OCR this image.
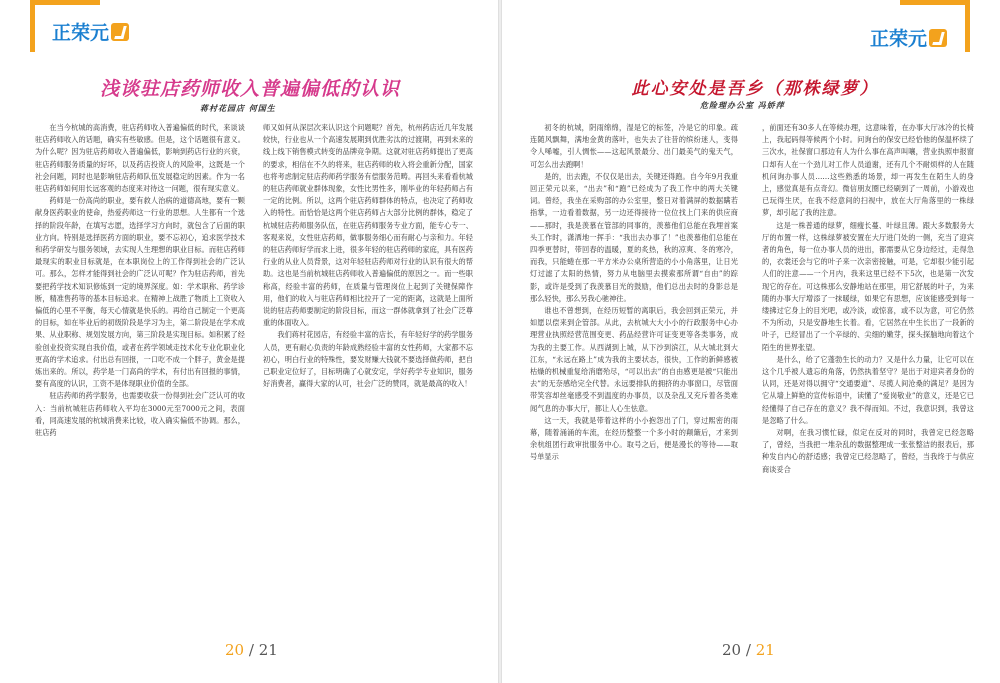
正荣元
浅谈驻店药师收入普遍偏低的认识
蒋村花园店 何国生

在当今杭城的高消费，驻店药师收入普遍偏低的时代，来谈谈驻店药师收入的话题，确实有些敏感。但是，这个话题很有意义。为什么呢？因为驻店药师收入普遍偏低，影响到药店行业的兴衰，驻店药师服务质量的好坏，以及药店投资人的风险率，这既是一个社会问题，同时也是影响驻店药师队伍发展稳定的因素。作为一名驻店药师如何用长远客观的态度来对待这一问题，很有现实意义。

药师是一份高尚的职业，要有救人治病的道德高地，要有一颗献身医药职业的使命，热爱药师这一行业的思想。人生都有一个选择的阶段年龄，在填写志愿，选择学习方向时，就包含了后面的职业方向。特别是选择医药方面的职业，要不忘初心，追求医学技术和药学研发与服务领域，去实现人生理想的职业目标。而驻店药师最现实的职业目标就是，在本职岗位上的工作得到社会的广泛认可。那么，怎样才能得到社会的广泛认可呢？作为驻店药师，首先要把药学技术知识修炼到一定的境界深度。如：学术职称、药学诊断，精准售药等的基本目标追求。在精神上战胜了物质上工资收入偏低的心里不平衡，每天心情就是快乐的。再给自己制定一个更高的目标，如在毕业后的初级阶段是学习为主，第二阶段是在学术成果、从业职称、规划发展方向，第三阶段是实现目标。如积累了经验创业投资实现自我价值，或者在药学领域走技术化专业化职业化更高的学术追求。付出总有回报，一口吃不成一个胖子，黄金是提炼出来的。所以，药学是一门高尚的学术，有付出有回报的事情，要有高度的认识，工资不是体现职业价值的全部。

驻店药师的药学服务，也需要收获一份得到社会广泛认可的收入：当前杭城驻店药师收入平均在3000元至7000元之间，表面看，同高速发展的杭城消费来比较，收入确实偏低不协调。那么，驻店药

师又如何从深层次来认识这个问题呢？首先，杭州药店近几年发展较快，行业也从一个高速发展期到优胜劣汰的过渡期，再到未来的线上线下销售模式转变的品牌竞争期。这就对驻店药师提出了更高的要求，相信在不久的将来，驻店药师的收入将会重新分配，国家也将考虑制定驻店药师药学服务有偿服务范畴。再回头来看看杭城的驻店药师就业群体现象，女性比男性多，刚毕业的年轻药师占有一定的比例。所以，这两个驻店药师群体的特点，也决定了药师收入的特性。而恰恰是这两个驻店药师占大部分比例的群体，稳定了杭城驻店药师服务队伍，在驻店药师服务专业方面，能专心专一、客观来说，女性驻店药师，做事服务细心而有耐心与亲和力。年轻的驻店药师好学而求上进，很多年轻的驻店药师的家庭，具有医药行业的从业人员背景，这对年轻驻店药师对行业的认识有很大的帮助。这也是当前杭城驻店药师收入普遍偏低的原因之一。而一些职称高，经验丰富的药师，在质量与管理岗位上起到了关键保障作用，他们的收入与驻店药师相比拉开了一定的距离，这就是上面所说的驻店药师要制定的阶段目标，而这一群体就拿到了社会广泛尊重的体面收入。

我们蒋村花园店，有经验丰富的店长，有年轻好学的药学服务人员，更有耐心负责的年龄成熟经验丰富的女性药师，大家都不忘初心，明白行业的特殊性，要发财赚大钱就不要选择做药师，把自己职业定位好了，目标明确了心就安定，学好药学专业知识，服务好消费者，赢得大家的认可，社会广泛的赞同，就是最高的收入！

20 / 21
正荣元
此心安处是吾乡（那株绿萝）
危险理办公室 冯娇萍

初冬的杭城，阴雨绵绵，湿是它的标签，冷是它的印象。疏连随风飘舞，满地金黄的落叶，也失去了往昔的缤纷迷人，变得令人唏嘘，引人惆怅——这起风景最分、出门最美气的鬼天气，可怎么出去跑啊！

是的，出去跑，不仅仅是出去，关键还得跑。自今年9月我重回正荣元以来，“出去”和“跑”已经成为了我工作中的两大关键词。曾经，我坐在采购部的办公室里，整日对着满屏的数据瞒若指掌，一边看着数据，另一边还得接待一位位找上门来的供应商——那时，我是羡慕在管部的同事的，羡慕他们总能在我埋首案头工作时，潇洒地一挥手：“我出去办事了！”也羡慕他们总能在四季更替时，带回春的温暖，夏的炙热，秋的凉爽、冬的寒冷，而我，只能蜷在那一平方米办公桌所营造的小小角落里，让日光灯过滤了太阳的热情，努力从电脑里去摸索那所谓“自由”的踪影，或许是受到了我羡慕目光的鼓励，他们总出去时的身影总是那么轻快，那么另我心驰神往。

谁也不曾想到，在经历短暂的离职后，我会回到正荣元，并如愿以偿来到企管部。从此，去杭城大大小小的行政服务中心办理营业执照经营范围变更、药品经营许可证变更等各类事务，成为我的主要工作。从西湖到上城，从下沙到滨江，从大城北到大江东，“永远在路上”成为我的主要状态，很快，工作的新鲜感被枯燥的机械重复给消磨殆尽，“可以出去”的自由感更是被“只能出去”的无奈感给完全代替。永远要排队的拥挤的办事窗口，尽管面带笑容却丝毫感受不到温度的办事员，以及杂乱又充斥着各类难闻气息的办事大厅，都让人心生怯意。

这一天，我就是带着这样的小小抱怨出了门，穿过熙密的雨幕，随着涌涌的车流，在经历整整一个多小时的颠簸后，才来到余杭组团行政审批服务中心。取号之后，便是漫长的等待——取号单显示

，前面还有30多人在等候办理，这意味着，在办事大厅冰冷的长椅上，我起码得等候两个小时。问询台的保安已经恰他的保温杯续了三次水，社保窗口那边有人为什么事在高声叫嚷，营业执照申报窗口却有人在一个劲儿对工作人员道谢，还有几个不耐烦样的人在随机问询办事人员……这些熟悉的场景，却一再发生在陌生人的身上，感觉真是有点奇幻。微信朋友圈已经刷到了一周前，小游戏也已玩得生厌，在我不经意间的扫视中，放在大厅角落里的一株绿萝，却引起了我的注意。

这是一株普通的绿萝，细瘦长蔓、叶绿且薄。跟大多数服务大厅的布置一样，这株绿萝被安置在大厅进门处的一侧，充当了迎宾者的角色，每一位办事人员的进出，都需要从它身边经过，走得急的，衣裳还会与它的叶子来一次亲密接触，可是，它却很少能引起人们的注意——一个月内，我来这里已经不下5次，也是第一次发现它的存在。可这株那么安静地站在那里，用它舒展的叶子，为来随的办事大厅增添了一抹暖绿，如果它有思想，应该能感受到每一缕拂过它身上的目光吧，或冷淡，或惊喜，或不以为意，可它仍然不为所动，只是安静地生长着。看，它居然在中生长出了一段新的叶子，已经冒出了一个辛绿的、尖细的嫩芽，探头探脑地向着这个陌生的世界张望。

是什么，给了它蓬勃生长的动力？又是什么力量，让它可以在这个几乎被人遗忘的角落，仍然执着坚守？是出于对迎宾者身份的认同，还是对得以拥守“交通要道”、尽揽人间沧桑的满足？是因为它从墙上鲜艳的宣传标语中，读懂了“爱岗敬业”的意义，还是它已经懂得了自己存在的意义？我不得而知。不过，我意识到，我曾这是忽略了什么。

对啊，在我习惯忙碌，似定在反对的同时，我曾定已经忽略了，曾经，当我把一堆杂乱的数据整理成一张张整洁的报表后，那种发自内心的舒适感；我曾定已经忽略了，曾经，当我终于与供应商谈妥合

20 / 21
